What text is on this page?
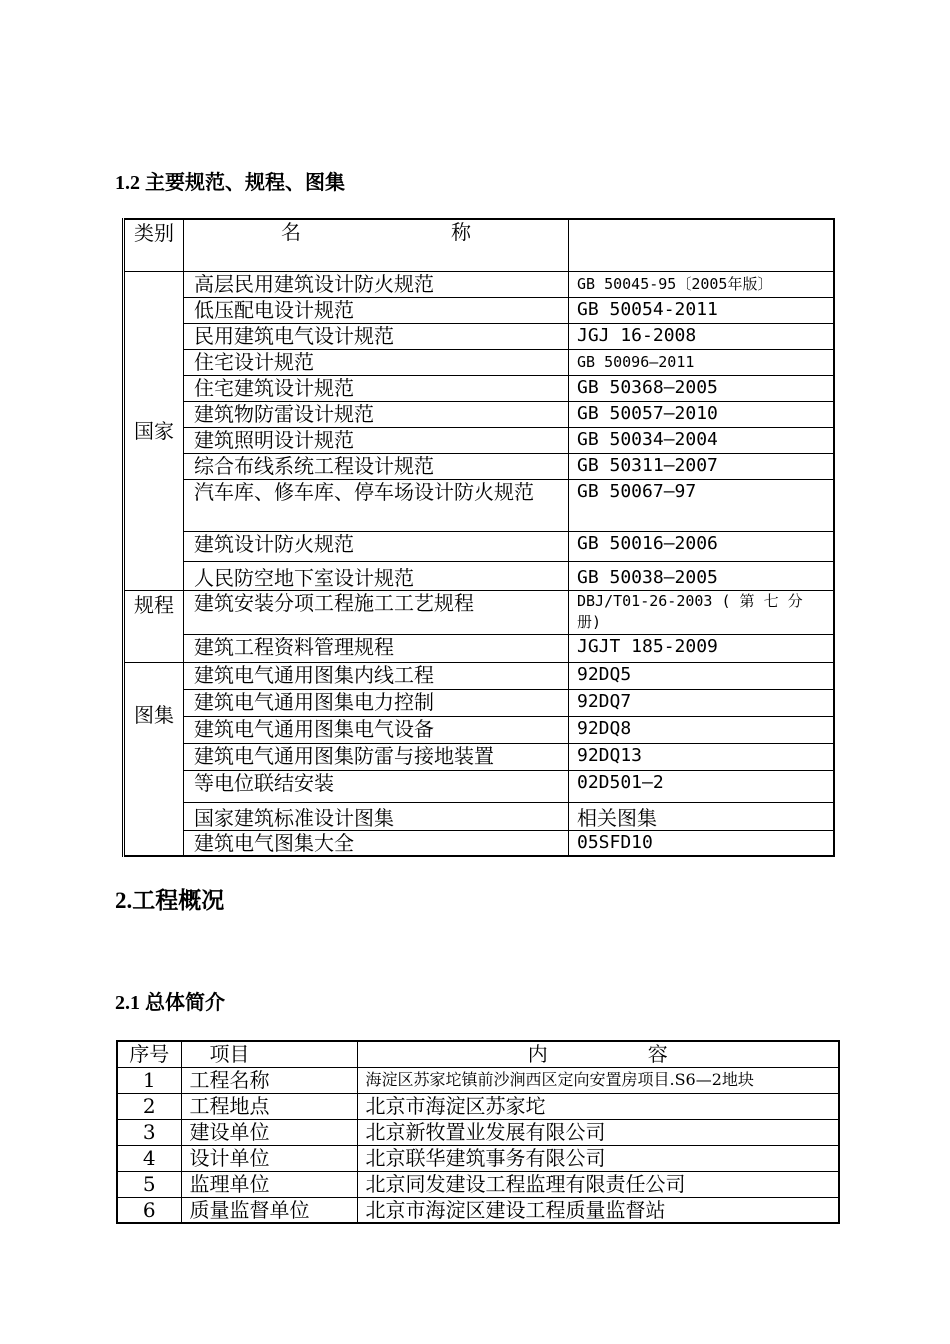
1.2 主要规范、规程、图集
类别	名 称	
国家	高层民用建筑设计防火规范	GB 50045-95〔2005年版〕
	低压配电设计规范	GB 50054-2011
	民用建筑电气设计规范	JGJ 16-2008
	住宅设计规范	GB 50096—2011
	住宅建筑设计规范	GB 50368—2005
	建筑物防雷设计规范	GB 50057—2010
	建筑照明设计规范	GB 50034—2004
	综合布线系统工程设计规范	GB 50311—2007
	汽车库、修车库、停车场设计防火规范	GB 50067—97
	建筑设计防火规范	GB 50016—2006
	人民防空地下室设计规范	GB 50038—2005
规程	建筑安装分项工程施工工艺规程	DBJ/T01-26-2003 ( 第 七 分册)
	建筑工程资料管理规程	JGJT 185-2009
图集	建筑电气通用图集内线工程	92DQ5
	建筑电气通用图集电力控制	92DQ7
	建筑电气通用图集电气设备	92DQ8
	建筑电气通用图集防雷与接地装置	92DQ13
	等电位联结安装	02D501—2
	国家建筑标准设计图集	相关图集
	建筑电气图集大全	05SFD10
2.工程概况
2.1 总体简介
序号	项目	内 容
1	工程名称	海淀区苏家坨镇前沙涧西区定向安置房项目.S6—2地块
2	工程地点	北京市海淀区苏家坨
3	建设单位	北京新牧置业发展有限公司
4	设计单位	北京联华建筑事务有限公司
5	监理单位	北京同发建设工程监理有限责任公司
6	质量监督单位	北京市海淀区建设工程质量监督站
